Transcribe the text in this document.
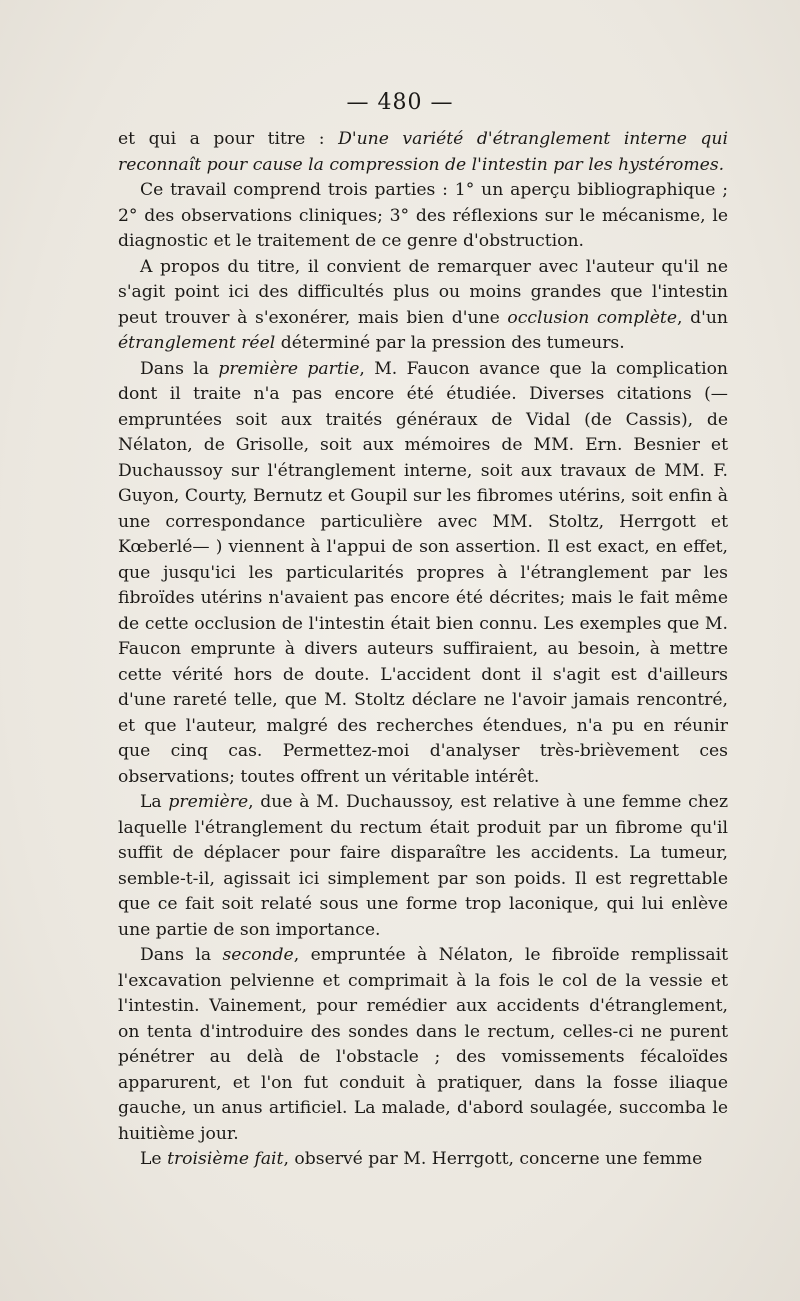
— 480 —

et qui a pour titre : D'une variété d'étranglement interne qui reconnaît pour cause la compression de l'intestin par les hystéromes.

Ce travail comprend trois parties : 1° un aperçu bibliographique ; 2° des observations cliniques; 3° des réflexions sur le mécanisme, le diagnostic et le traitement de ce genre d'obstruction.

A propos du titre, il convient de remarquer avec l'auteur qu'il ne s'agit point ici des difficultés plus ou moins grandes que l'intestin peut trouver à s'exonérer, mais bien d'une occlusion complète, d'un étranglement réel déterminé par la pression des tumeurs.

Dans la première partie, M. Faucon avance que la complication dont il traite n'a pas encore été étudiée. Diverses citations (— empruntées soit aux traités généraux de Vidal (de Cassis), de Nélaton, de Grisolle, soit aux mémoires de MM. Ern. Besnier et Duchaussoy sur l'étranglement interne, soit aux travaux de MM. F. Guyon, Courty, Bernutz et Goupil sur les fibromes utérins, soit enfin à une correspondance particulière avec MM. Stoltz, Herrgott et Kœberlé— ) viennent à l'appui de son assertion. Il est exact, en effet, que jusqu'ici les particularités propres à l'étranglement par les fibroïdes utérins n'avaient pas encore été décrites; mais le fait même de cette occlusion de l'intestin était bien connu. Les exemples que M. Faucon emprunte à divers auteurs suffiraient, au besoin, à mettre cette vérité hors de doute. L'accident dont il s'agit est d'ailleurs d'une rareté telle, que M. Stoltz déclare ne l'avoir jamais rencontré, et que l'auteur, malgré des recherches étendues, n'a pu en réunir que cinq cas. Permettez-moi d'analyser très-brièvement ces observations; toutes offrent un véritable intérêt.

La première, due à M. Duchaussoy, est relative à une femme chez laquelle l'étranglement du rectum était produit par un fibrome qu'il suffit de déplacer pour faire disparaître les accidents. La tumeur, semble-t-il, agissait ici simplement par son poids. Il est regrettable que ce fait soit relaté sous une forme trop laconique, qui lui enlève une partie de son importance.

Dans la seconde, empruntée à Nélaton, le fibroïde remplissait l'excavation pelvienne et comprimait à la fois le col de la vessie et l'intestin. Vainement, pour remédier aux accidents d'étranglement, on tenta d'introduire des sondes dans le rectum, celles-ci ne purent pénétrer au delà de l'obstacle ; des vomissements fécaloïdes apparurent, et l'on fut conduit à pratiquer, dans la fosse iliaque gauche, un anus artificiel. La malade, d'abord soulagée, succomba le huitième jour.

Le troisième fait, observé par M. Herrgott, concerne une femme
